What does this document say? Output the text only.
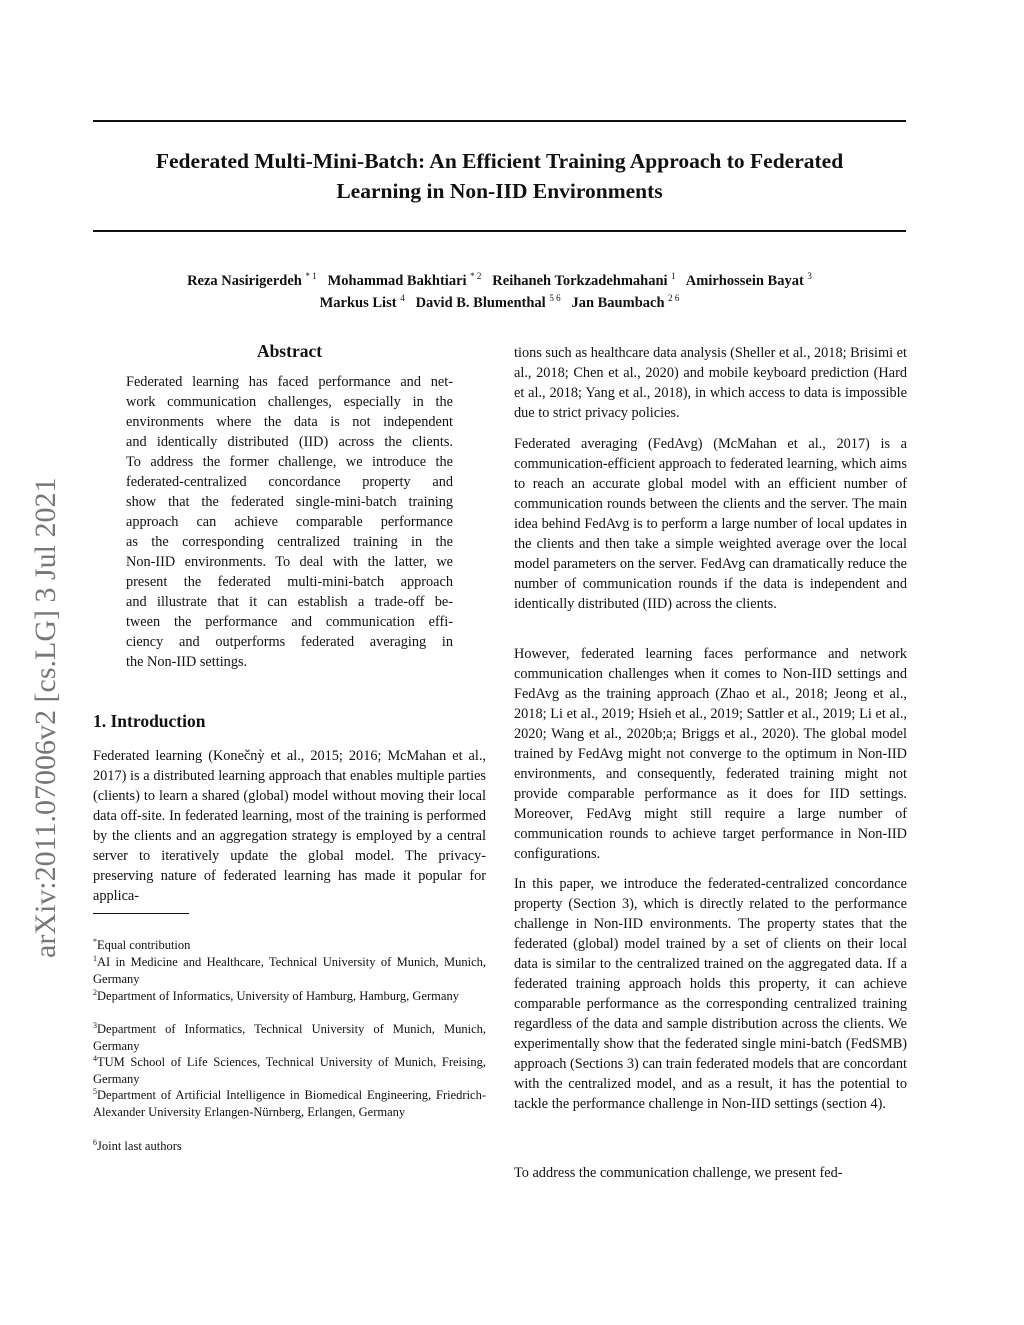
Federated Multi-Mini-Batch: An Efficient Training Approach to Federated
Learning in Non-IID Environments
Reza Nasirigerdeh $^{* 1}$ Mohammad Bakhtiari $^{* 2}$ Reihaneh Torkzadehmahani $^1$ Amirhossein Bayat $^3$
Markus List $^4$ David B. Blumenthal $^{5 6}$ Jan Baumbach $^{2 6}$
arXiv:2011.07006v2 [cs.LG] 3 Jul 2021
Abstract
Federated learning has faced performance and net-
work communication challenges, especially in the
environments where the data is not independent
and identically distributed (IID) across the clients.
To address the former challenge, we introduce the
federated-centralized concordance property and
show that the federated single-mini-batch training
approach can achieve comparable performance
as the corresponding centralized training in the
Non-IID environments. To deal with the latter, we
present the federated multi-mini-batch approach
and illustrate that it can establish a trade-off be-
tween the performance and communication effi-
ciency and outperforms federated averaging in
the Non-IID settings.
1. Introduction

Federated learning (Konečnỳ et al., 2015; 2016; McMahan et al., 2017) is a distributed learning approach that enables multiple parties (clients) to learn a shared (global) model without moving their local data off-site. In federated learning, most of the training is performed by the clients and an aggregation strategy is employed by a central server to iteratively update the global model. The privacy-preserving nature of federated learning has made it popular for applica-

*Equal contribution

$^1$AI in Medicine and Healthcare, Technical University of Munich, Munich, Germany

$^2$Department of Informatics, University of Hamburg, Hamburg, Germany

$^3$Department of Informatics, Technical University of Munich, Munich, Germany

$^4$TUM School of Life Sciences, Technical University of Munich, Freising, Germany

$^5$Department of Artificial Intelligence in Biomedical Engineering, Friedrich-Alexander University Erlangen-Nürnberg, Erlangen, Germany

$^6$Joint last authors

tions such as healthcare data analysis (Sheller et al., 2018; Brisimi et al., 2018; Chen et al., 2020) and mobile keyboard prediction (Hard et al., 2018; Yang et al., 2018), in which access to data is impossible due to strict privacy policies.

Federated averaging (FedAvg) (McMahan et al., 2017) is a communication-efficient approach to federated learning, which aims to reach an accurate global model with an efficient number of communication rounds between the clients and the server. The main idea behind FedAvg is to perform a large number of local updates in the clients and then take a simple weighted average over the local model parameters on the server. FedAvg can dramatically reduce the number of communication rounds if the data is independent and identically distributed (IID) across the clients.

However, federated learning faces performance and network communication challenges when it comes to Non-IID settings and FedAvg as the training approach (Zhao et al., 2018; Jeong et al., 2018; Li et al., 2019; Hsieh et al., 2019; Sattler et al., 2019; Li et al., 2020; Wang et al., 2020b;a; Briggs et al., 2020). The global model trained by FedAvg might not converge to the optimum in Non-IID environments, and consequently, federated training might not provide comparable performance as it does for IID settings. Moreover, FedAvg might still require a large number of communication rounds to achieve target performance in Non-IID configurations.

In this paper, we introduce the federated-centralized concordance property (Section 3), which is directly related to the performance challenge in Non-IID environments. The property states that the federated (global) model trained by a set of clients on their local data is similar to the centralized trained on the aggregated data. If a federated training approach holds this property, it can achieve comparable performance as the corresponding centralized training regardless of the data and sample distribution across the clients. We experimentally show that the federated single mini-batch (FedSMB) approach (Sections 3) can train federated models that are concordant with the centralized model, and as a result, it has the potential to tackle the performance challenge in Non-IID settings (section 4).

To address the communication challenge, we present fed-
